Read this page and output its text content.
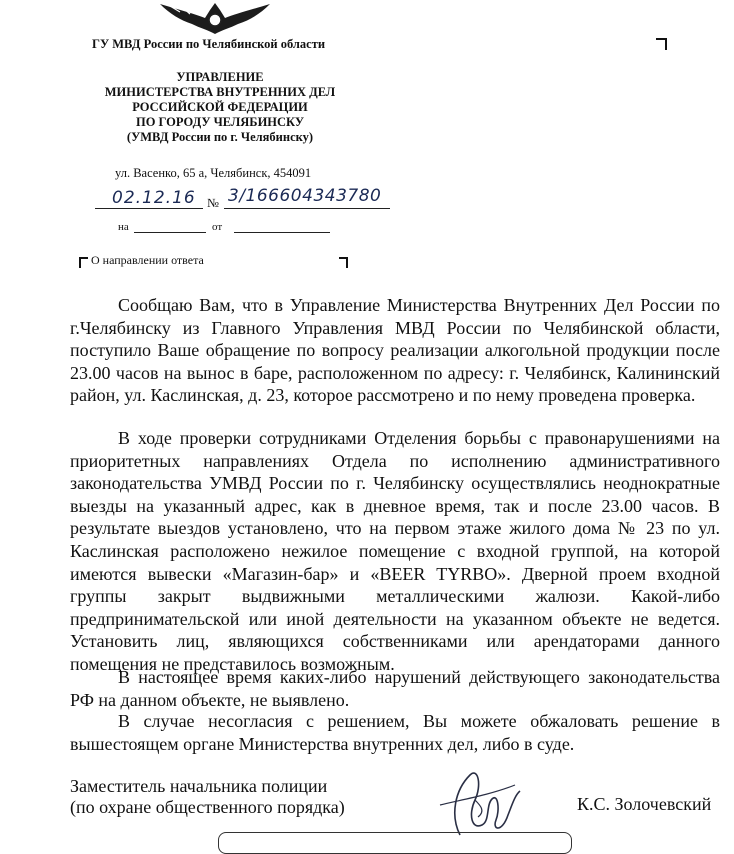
ГУ МВД России по Челябинской области
УПРАВЛЕНИЕ
МИНИСТЕРСТВА ВНУТРЕННИХ ДЕЛ
РОССИЙСКОЙ ФЕДЕРАЦИИ
ПО ГОРОДУ ЧЕЛЯБИНСКУ
(УМВД России по г. Челябинску)
ул. Васенко, 65 а, Челябинск, 454091
02.12.16 № 3/166604343780
на	от
О направлении ответа
Сообщаю Вам, что в Управление Министерства Внутренних Дел России по г.Челябинску из Главного Управления МВД России по Челябинской области, поступило Ваше обращение по вопросу реализации алкогольной продукции после 23.00 часов на вынос в баре, расположенном по адресу: г. Челябинск, Калининский район, ул. Каслинская, д. 23, которое рассмотрено и по нему проведена проверка.
В ходе проверки сотрудниками Отделения борьбы с правонарушениями на приоритетных направлениях Отдела по исполнению административного законодательства УМВД России по г. Челябинску осуществлялись неоднократные выезды на указанный адрес, как в дневное время, так и после 23.00 часов. В результате выездов установлено, что на первом этаже жилого дома № 23 по ул. Каслинская расположено нежилое помещение с входной группой, на которой имеются вывески «Магазин-бар» и «BEER TYRBO». Дверной проем входной группы закрыт выдвижными металлическими жалюзи. Какой-либо предпринимательской или иной деятельности на указанном объекте не ведется. Установить лиц, являющихся собственниками или арендаторами данного помещения не представилось возможным.
В настоящее время каких-либо нарушений действующего законодательства РФ на данном объекте, не выявлено.
В случае несогласия с решением, Вы можете обжаловать решение в вышестоящем органе Министерства внутренних дел, либо в суде.
Заместитель начальника полиции
(по охране общественного порядка)	К.С. Золочевский
